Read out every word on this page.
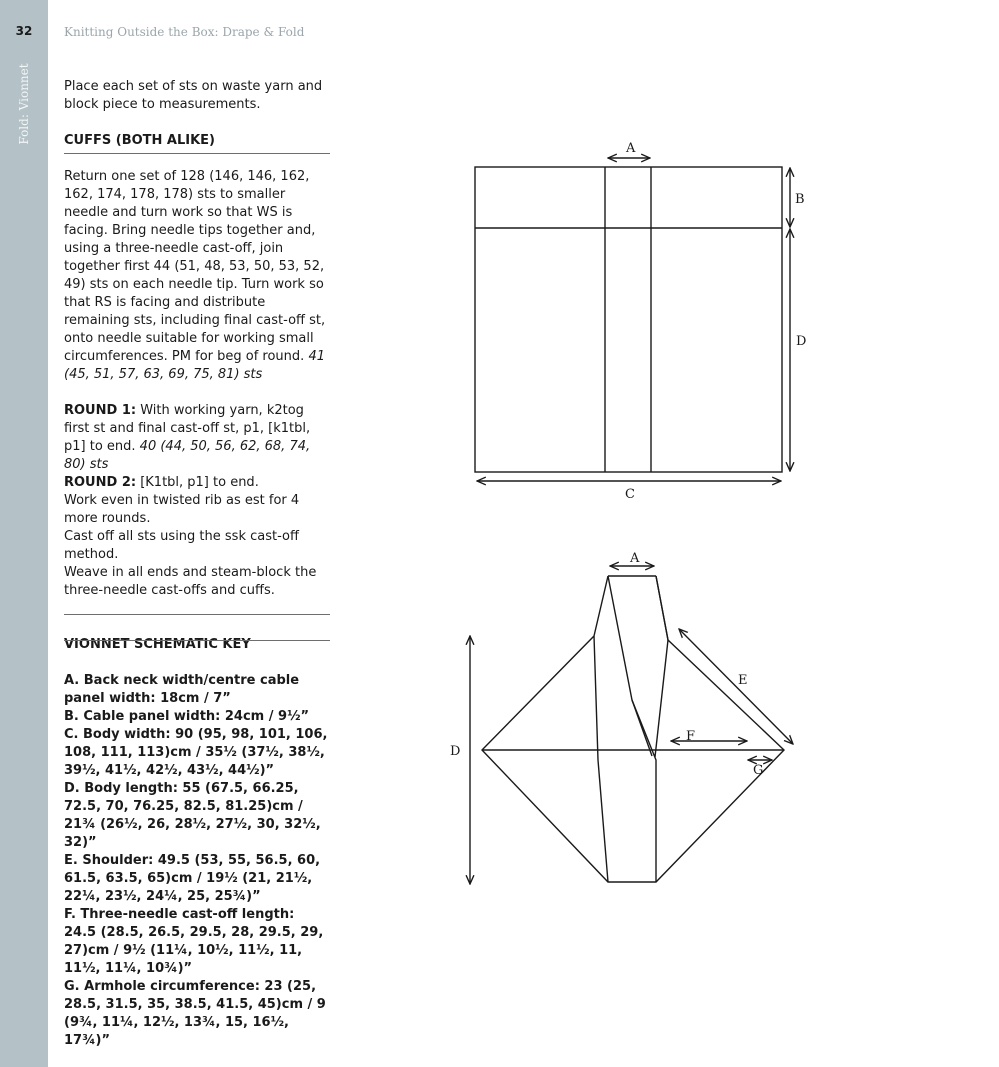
32
Fold: Vionnet
Knitting Outside the Box: Drape & Fold

Place each set of sts on waste yarn and block piece to measurements.

CUFFS (BOTH ALIKE)

Return one set of 128 (146, 146, 162, 162, 174, 178, 178) sts to smaller needle and turn work so that WS is facing. Bring needle tips together and, using a three-needle cast-off, join together first 44 (51, 48, 53, 50, 53, 52, 49) sts on each needle tip. Turn work so that RS is facing and distribute remaining sts, including final cast-off st, onto needle suitable for working small circumferences. PM for beg of round. 41 (45, 51, 57, 63, 69, 75, 81) sts

ROUND 1: With working yarn, k2tog first st and final cast-off st, p1, [k1tbl, p1] to end. 40 (44, 50, 56, 62, 68, 74, 80) sts

ROUND 2: [K1tbl, p1] to end.

Work even in twisted rib as est for 4 more rounds.

Cast off all sts using the ssk cast-off method.

Weave in all ends and steam-block the three-needle cast-offs and cuffs.

VIONNET SCHEMATIC KEY

A. Back neck width/centre cable panel width: 18cm / 7”

B. Cable panel width: 24cm / 9½”

C. Body width: 90 (95, 98, 101, 106, 108, 111, 113)cm / 35½ (37½, 38½, 39½, 41½, 42½, 43½, 44½)”

D. Body length: 55 (67.5, 66.25, 72.5, 70, 76.25, 82.5, 81.25)cm / 21¾ (26½, 26, 28½, 27½, 30, 32½, 32)”

E. Shoulder: 49.5 (53, 55, 56.5, 60, 61.5, 63.5, 65)cm / 19½ (21, 21½, 22¼, 23½, 24¼, 25, 25¾)”

F. Three-needle cast-off length: 24.5 (28.5, 26.5, 29.5, 28, 29.5, 29, 27)cm / 9½ (11¼, 10½, 11½, 11, 11½, 11¼, 10¾)”

G. Armhole circumference: 23 (25, 28.5, 31.5, 35, 38.5, 41.5, 45)cm / 9 (9¾, 11¼, 12½, 13¾, 15, 16½, 17¾)”

A
B
D
C
A
D
E
F
G
